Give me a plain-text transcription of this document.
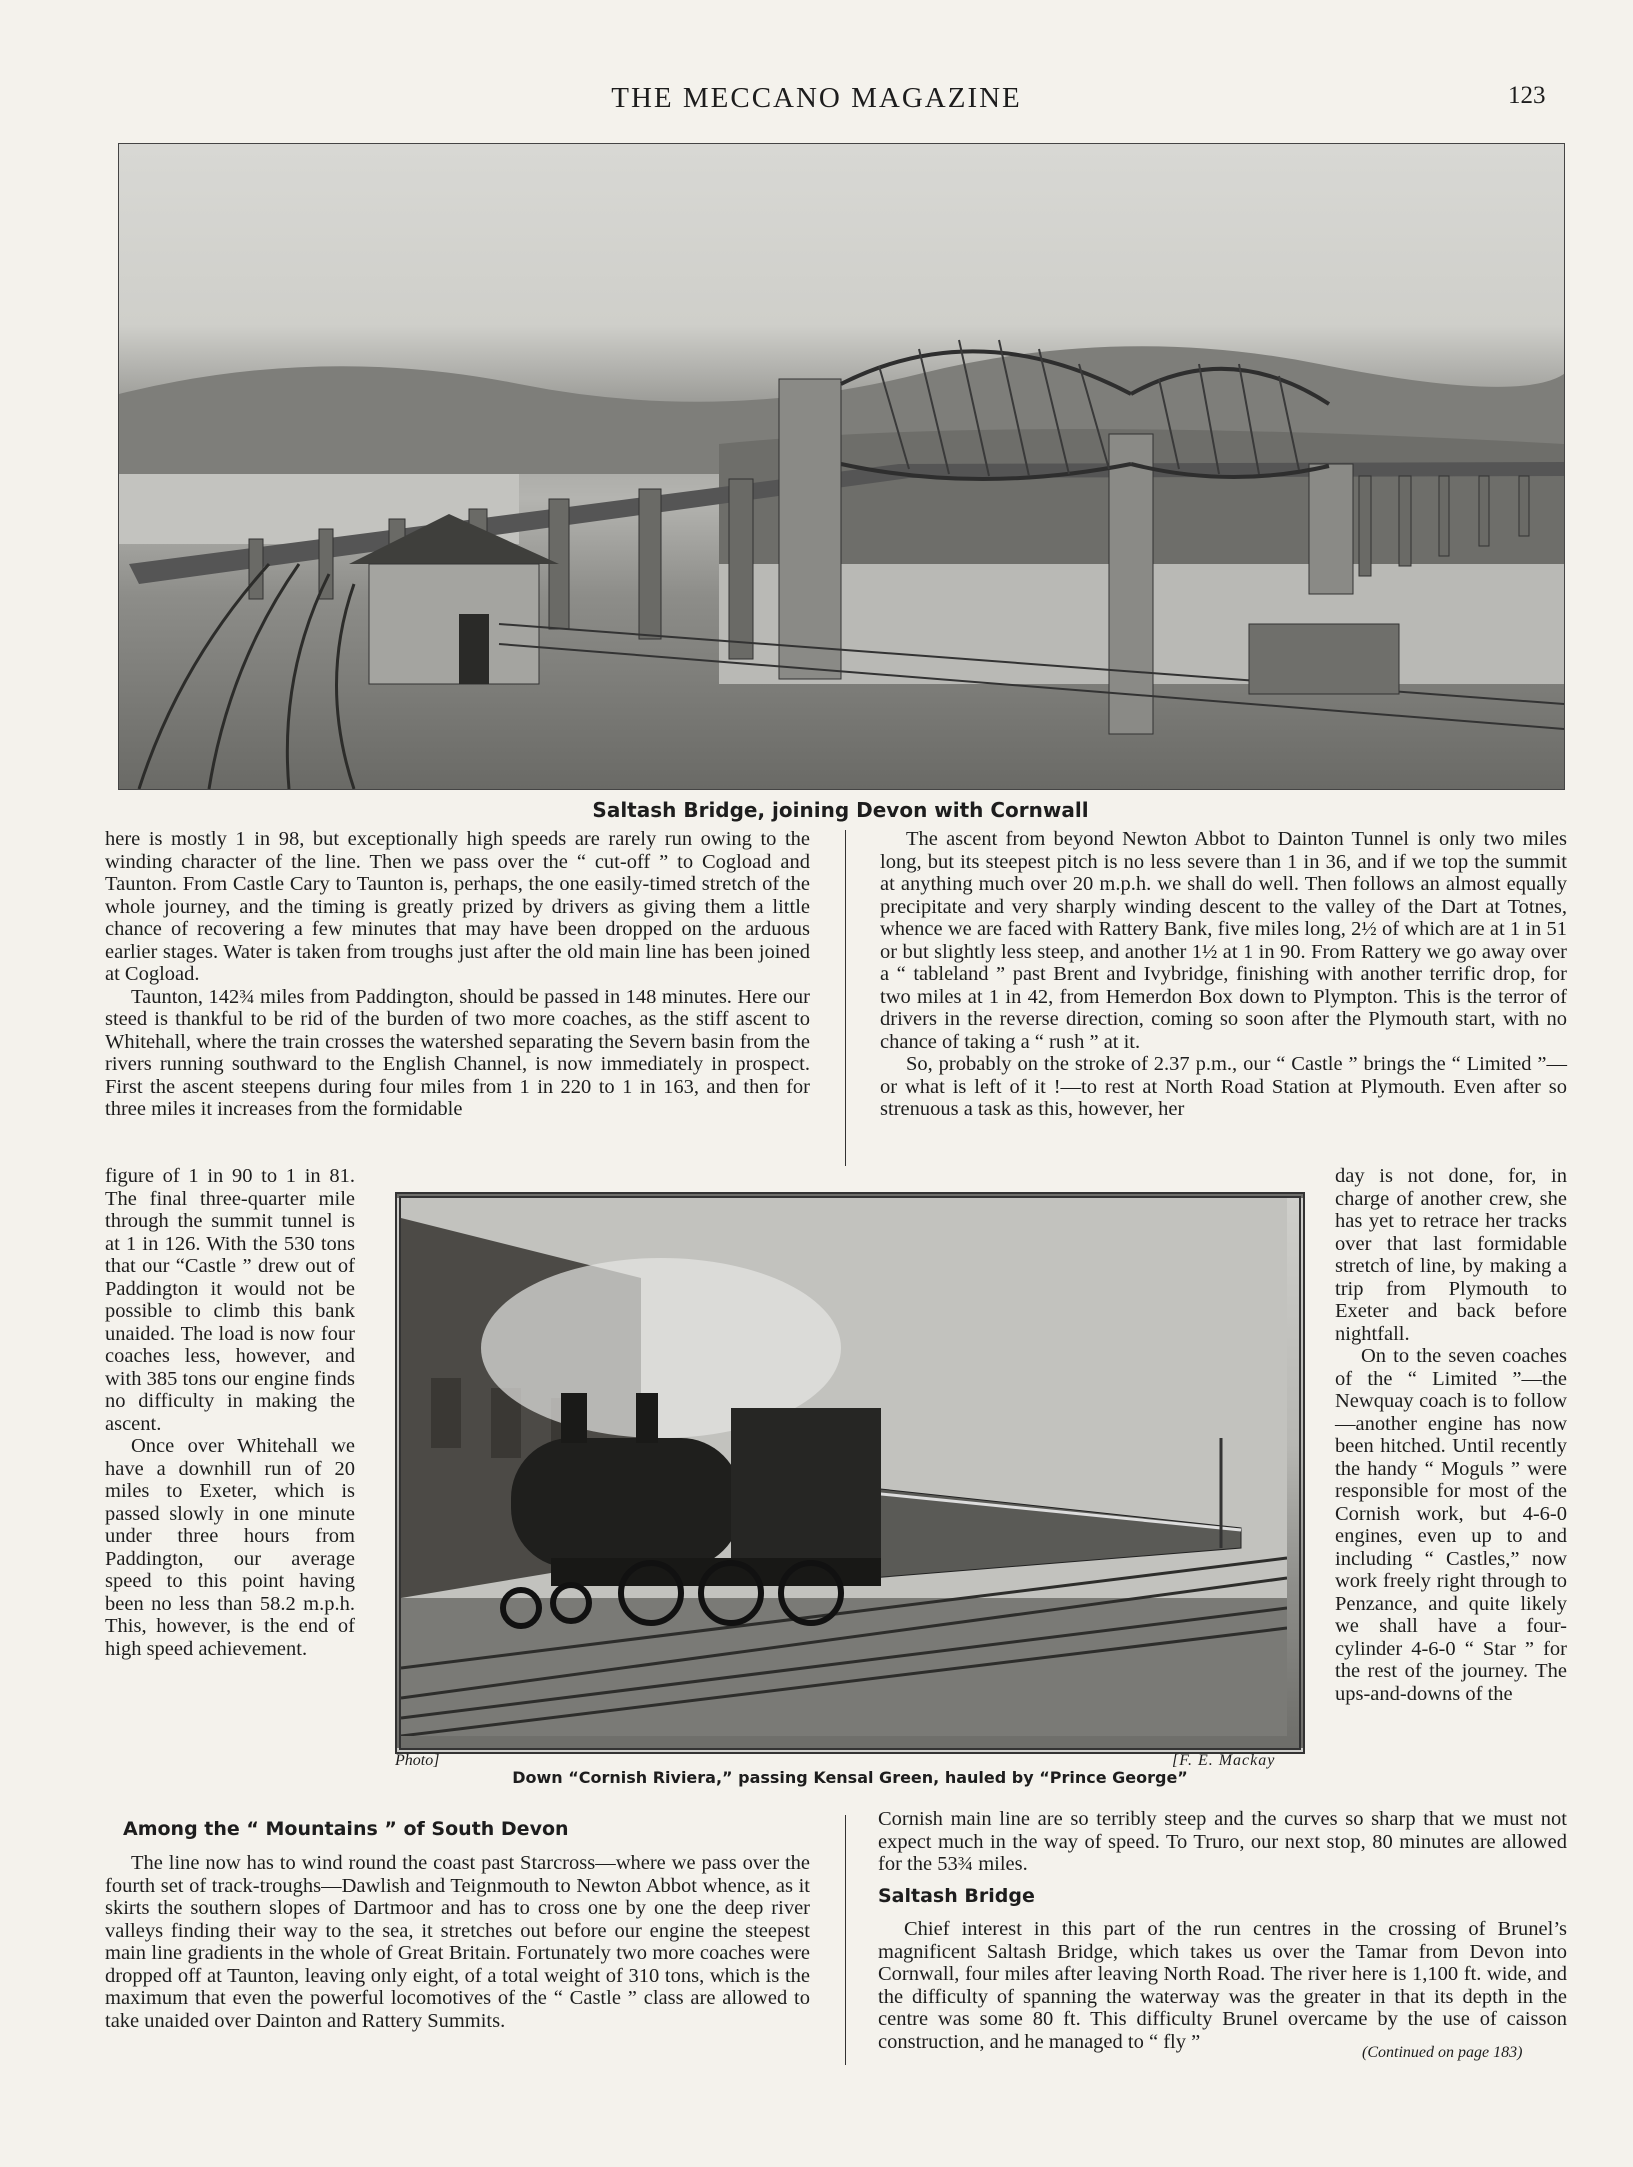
THE MECCANO MAGAZINE	123
Saltash Bridge, joining Devon with Cornwall

here is mostly 1 in 98, but exceptionally high speeds are rarely run owing to the winding character of the line. Then we pass over the “ cut-off ” to Cogload and Taunton. From Castle Cary to Taunton is, perhaps, the one easily-timed stretch of the whole journey, and the timing is greatly prized by drivers as giving them a little chance of recovering a few minutes that may have been dropped on the arduous earlier stages. Water is taken from troughs just after the old main line has been joined at Cogload.

Taunton, 142¾ miles from Paddington, should be passed in 148 minutes. Here our steed is thankful to be rid of the burden of two more coaches, as the stiff ascent to Whitehall, where the train crosses the watershed separating the Severn basin from the rivers running southward to the English Channel, is now immediately in prospect. First the ascent steepens during four miles from 1 in 220 to 1 in 163, and then for three miles it increases from the formidable

figure of 1 in 90 to 1 in 81. The final three-quarter mile through the summit tunnel is at 1 in 126. With the 530 tons that our “Castle ” drew out of Paddington it would not be possible to climb this bank unaided. The load is now four coaches less, however, and with 385 tons our engine finds no difficulty in making the ascent.

Once over Whitehall we have a downhill run of 20 miles to Exeter, which is passed slowly in one minute under three hours from Paddington, our average speed to this point having been no less than 58.2 m.p.h. This, however, is the end of high speed achievement.

Among the “ Mountains ” of South Devon

The line now has to wind round the coast past Starcross—where we pass over the fourth set of track-troughs—Dawlish and Teignmouth to Newton Abbot whence, as it skirts the southern slopes of Dartmoor and has to cross one by one the deep river valleys finding their way to the sea, it stretches out before our engine the steepest main line gradients in the whole of Great Britain. Fortunately two more coaches were dropped off at Taunton, leaving only eight, of a total weight of 310 tons, which is the maximum that even the powerful locomotives of the “ Castle ” class are allowed to take unaided over Dainton and Rattery Summits.

The ascent from beyond Newton Abbot to Dainton Tunnel is only two miles long, but its steepest pitch is no less severe than 1 in 36, and if we top the summit at anything much over 20 m.p.h. we shall do well. Then follows an almost equally precipitate and very sharply winding descent to the valley of the Dart at Totnes, whence we are faced with Rattery Bank, five miles long, 2½ of which are at 1 in 51 or but slightly less steep, and another 1½ at 1 in 90. From Rattery we go away over a “ tableland ” past Brent and Ivybridge, finishing with another terrific drop, for two miles at 1 in 42, from Hemerdon Box down to Plympton. This is the terror of drivers in the reverse direction, coming so soon after the Plymouth start, with no chance of taking a “ rush ” at it.

So, probably on the stroke of 2.37 p.m., our “ Castle ” brings the “ Limited ”—or what is left of it !—to rest at North Road Station at Plymouth. Even after so strenuous a task as this, however, her

day is not done, for, in charge of another crew, she has yet to retrace her tracks over that last formidable stretch of line, by making a trip from Plymouth to Exeter and back before nightfall.

On to the seven coaches of the “ Limited ”—the Newquay coach is to follow—another engine has now been hitched. Until recently the handy “ Moguls ” were responsible for most of the Cornish work, but 4-6-0 engines, even up to and including “ Castles,” now work freely right through to Penzance, and quite likely we shall have a four-cylinder 4-6-0 “ Star ” for the rest of the journey. The ups-and-downs of the

Cornish main line are so terribly steep and the curves so sharp that we must not expect much in the way of speed. To Truro, our next stop, 80 minutes are allowed for the 53¾ miles.

Saltash Bridge

Chief interest in this part of the run centres in the crossing of Brunel’s magnificent Saltash Bridge, which takes us over the Tamar from Devon into Cornwall, four miles after leaving North Road. The river here is 1,100 ft. wide, and the difficulty of spanning the waterway was the greater in that its depth in the centre was some 80 ft. This difficulty Brunel overcame by the use of caisson construction, and he managed to “ fly ”	(Continued on page 183)
Photo]	[F. E. Mackay
Down “Cornish Riviera,” passing Kensal Green, hauled by “Prince George”
